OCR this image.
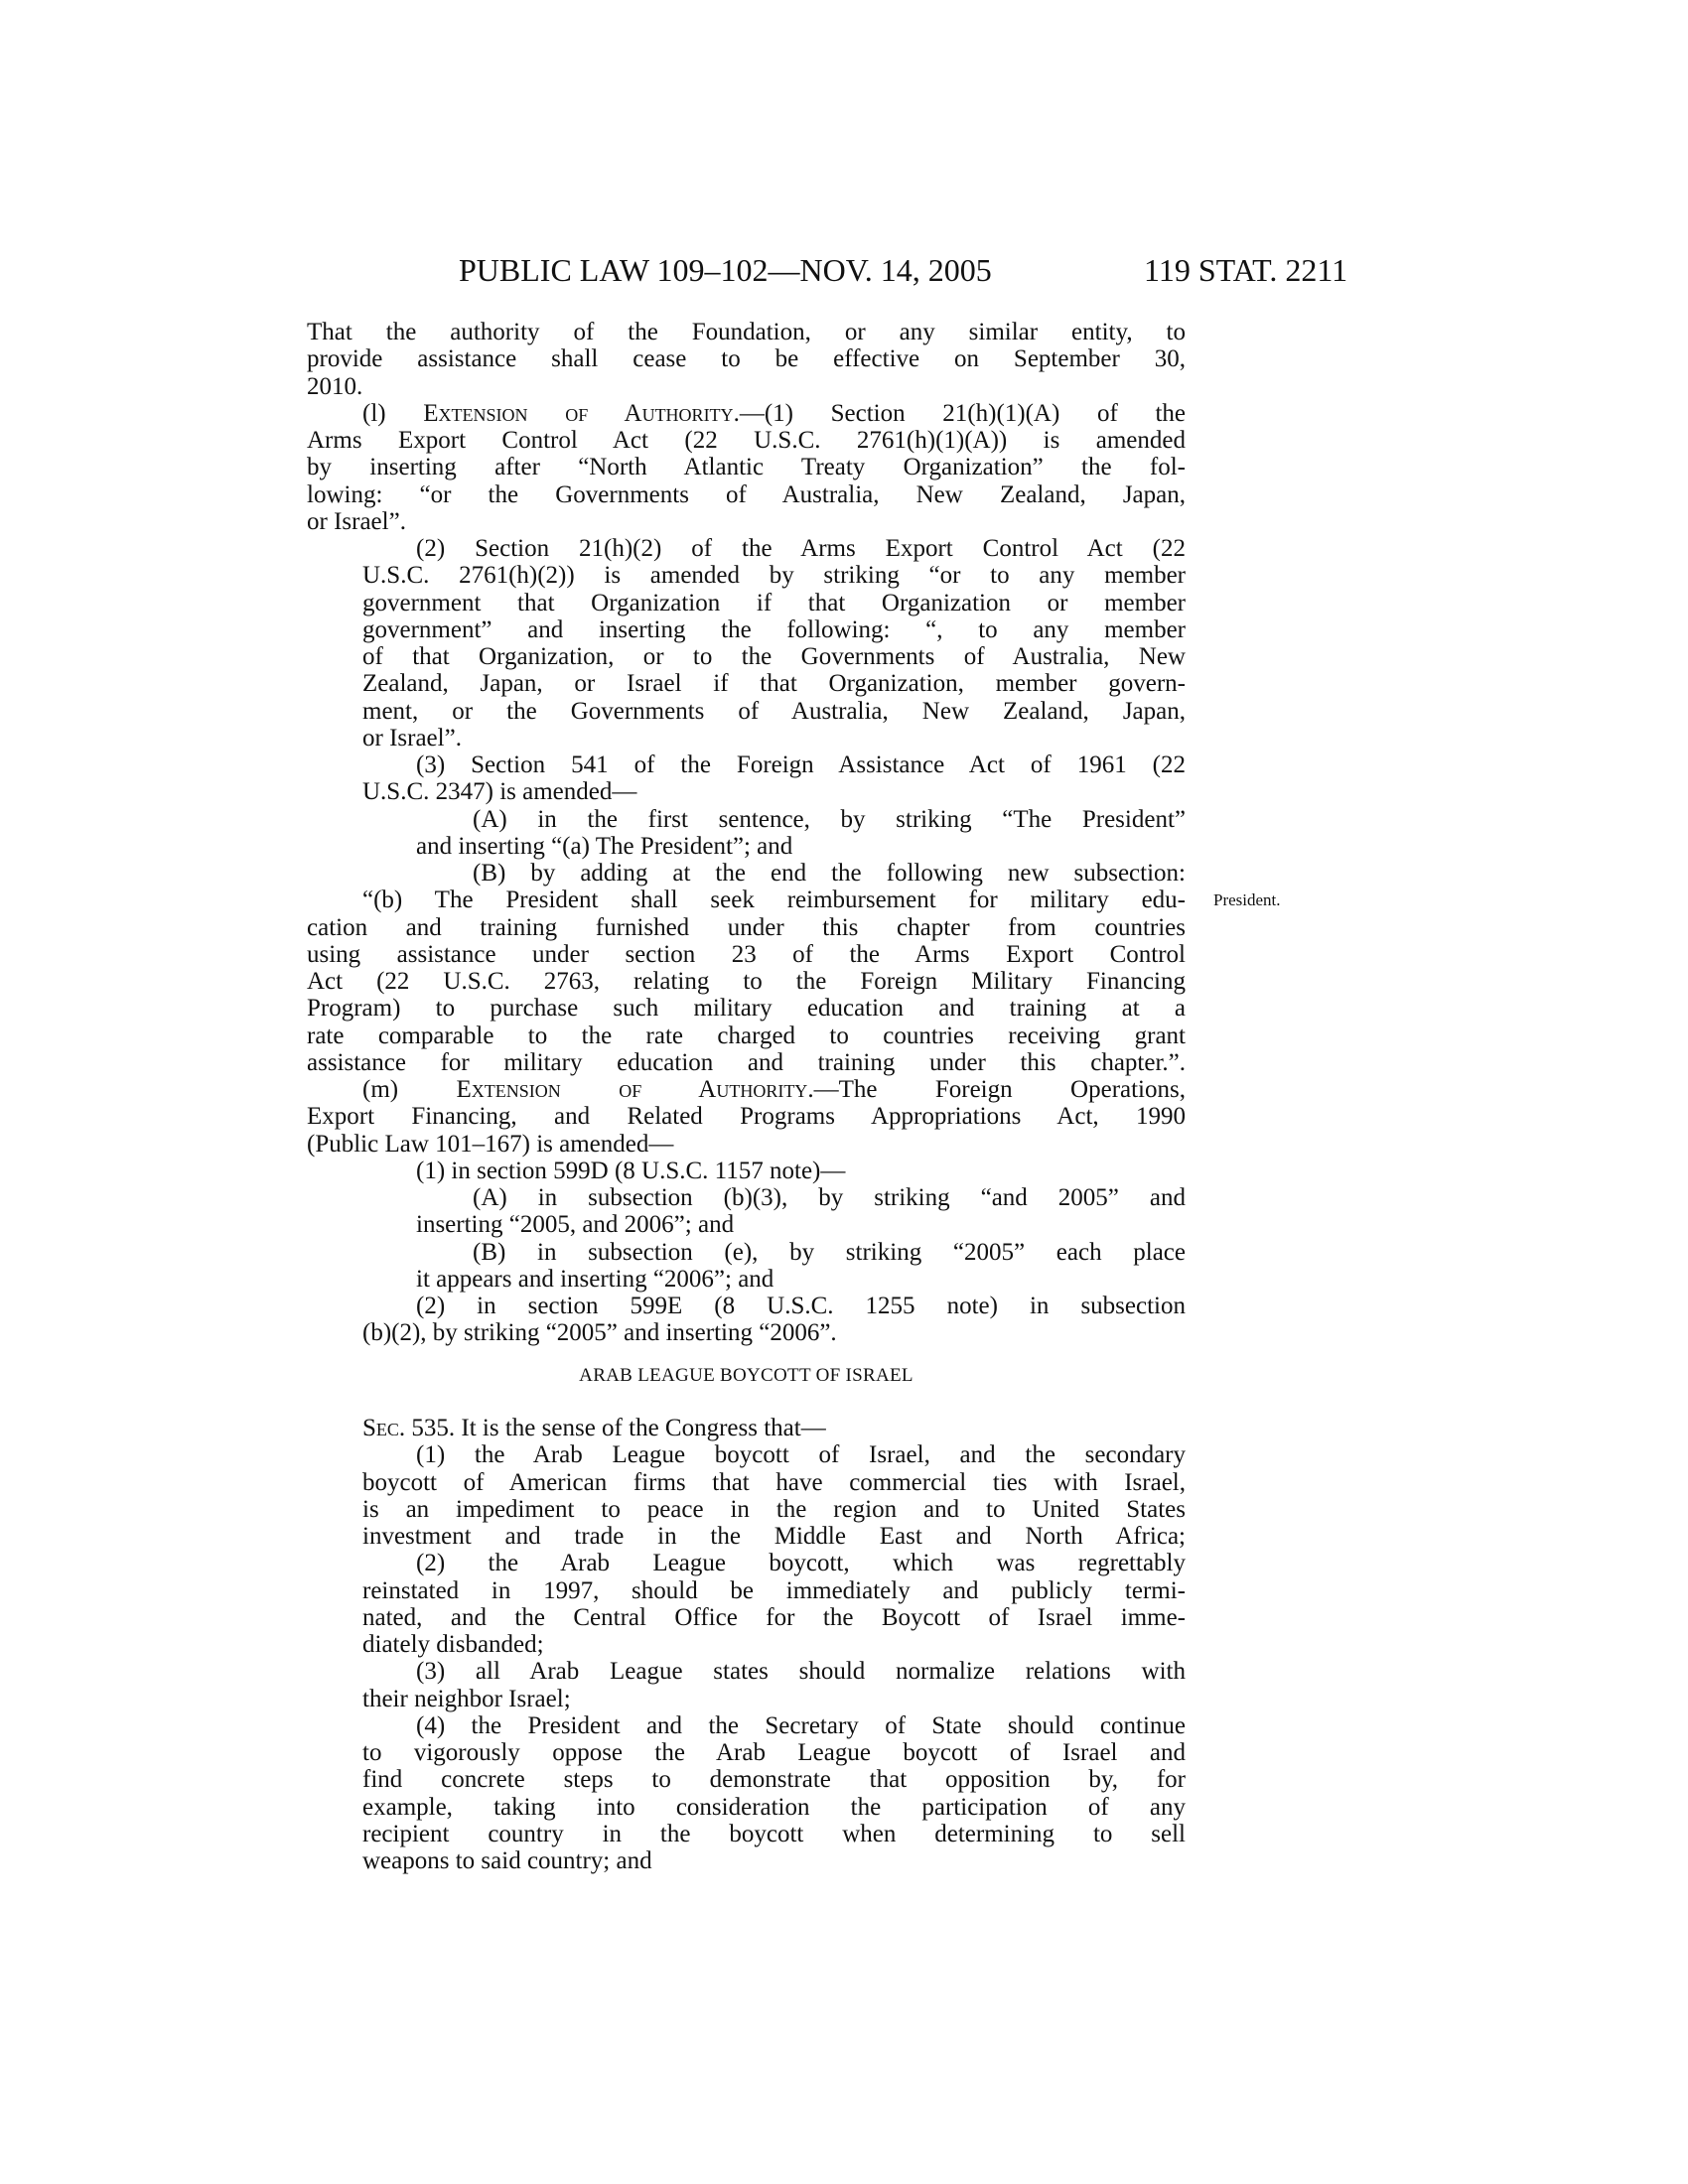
PUBLIC LAW 109–102—NOV. 14, 2005	119 STAT. 2211
That the authority of the Foundation, or any similar entity, to
provide assistance shall cease to be effective on September 30,
2010.
(l) Extension of Authority.—(1) Section 21(h)(1)(A) of the
Arms Export Control Act (22 U.S.C. 2761(h)(1)(A)) is amended
by inserting after “North Atlantic Treaty Organization” the fol-
lowing: “or the Governments of Australia, New Zealand, Japan,
or Israel”.
(2) Section 21(h)(2) of the Arms Export Control Act (22
U.S.C. 2761(h)(2)) is amended by striking “or to any member
government that Organization if that Organization or member
government” and inserting the following: “, to any member
of that Organization, or to the Governments of Australia, New
Zealand, Japan, or Israel if that Organization, member govern-
ment, or the Governments of Australia, New Zealand, Japan,
or Israel”.
(3) Section 541 of the Foreign Assistance Act of 1961 (22
U.S.C. 2347) is amended—
(A) in the first sentence, by striking “The President”
and inserting “(a) The President”; and
(B) by adding at the end the following new subsection:
“(b) The President shall seek reimbursement for military edu-
cation and training furnished under this chapter from countries
using assistance under section 23 of the Arms Export Control
Act (22 U.S.C. 2763, relating to the Foreign Military Financing
Program) to purchase such military education and training at a
rate comparable to the rate charged to countries receiving grant
assistance for military education and training under this chapter.”.
(m) Extension of Authority.—The Foreign Operations,
Export Financing, and Related Programs Appropriations Act, 1990
(Public Law 101–167) is amended—
(1) in section 599D (8 U.S.C. 1157 note)—
(A) in subsection (b)(3), by striking “and 2005” and
inserting “2005, and 2006”; and
(B) in subsection (e), by striking “2005” each place
it appears and inserting “2006”; and
(2) in section 599E (8 U.S.C. 1255 note) in subsection
(b)(2), by striking “2005” and inserting “2006”.
President.
ARAB LEAGUE BOYCOTT OF ISRAEL
Sec. 535. It is the sense of the Congress that—
(1) the Arab League boycott of Israel, and the secondary
boycott of American firms that have commercial ties with Israel,
is an impediment to peace in the region and to United States
investment and trade in the Middle East and North Africa;
(2) the Arab League boycott, which was regrettably
reinstated in 1997, should be immediately and publicly termi-
nated, and the Central Office for the Boycott of Israel imme-
diately disbanded;
(3) all Arab League states should normalize relations with
their neighbor Israel;
(4) the President and the Secretary of State should continue
to vigorously oppose the Arab League boycott of Israel and
find concrete steps to demonstrate that opposition by, for
example, taking into consideration the participation of any
recipient country in the boycott when determining to sell
weapons to said country; and
